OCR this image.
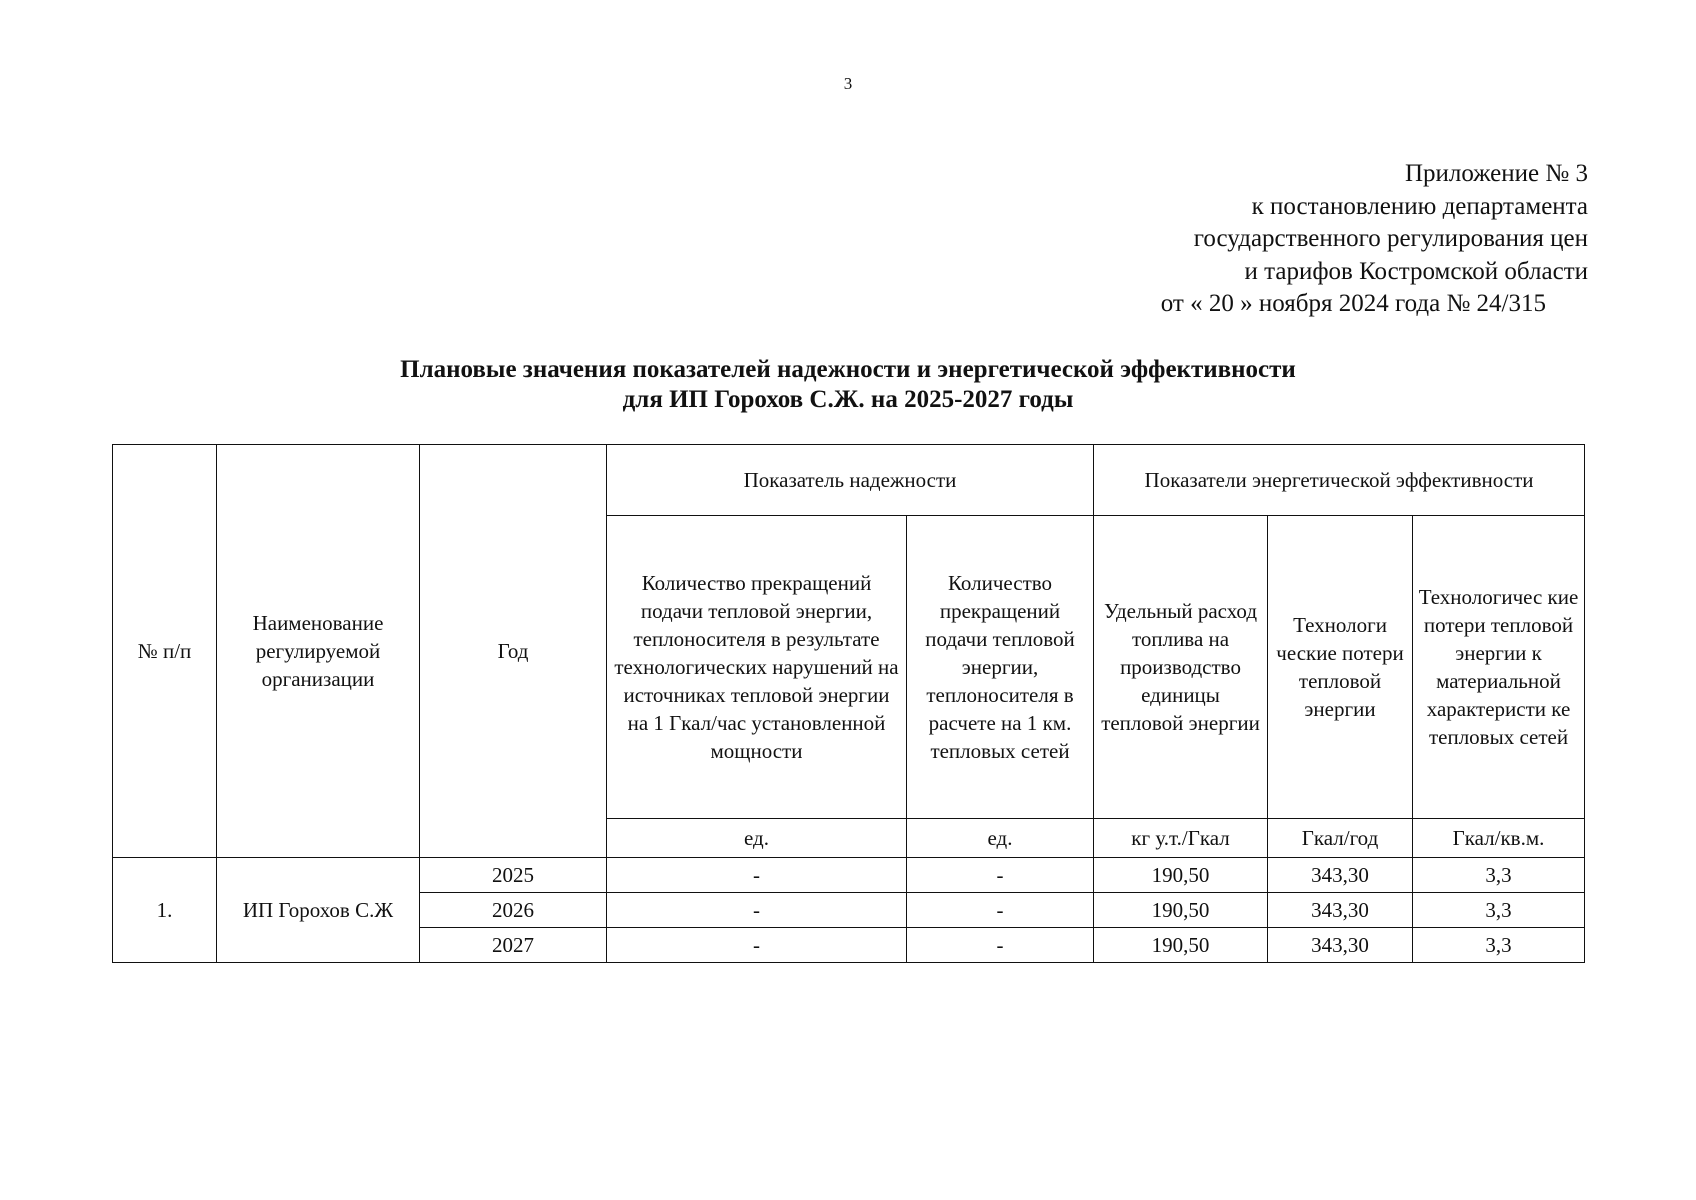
3
Приложение № 3
к постановлению департамента
государственного регулирования цен
и тарифов Костромской области
от « 20 » ноября 2024 года № 24/315
Плановые значения показателей надежности и энергетической эффективности
для ИП Горохов С.Ж. на 2025-2027 годы
№ п/п	Наименование регулируемой организации	Год	Показатель надежности		Показатели энергетической эффективности		
			Количество прекращений подачи тепловой энергии, теплоносителя в результате технологических нарушений на источниках тепловой энергии на 1 Гкал/час установленной мощности	Количество прекращений подачи тепловой энергии, теплоносителя в расчете на 1 км. тепловых сетей	Удельный расход топлива на производство единицы тепловой энергии	Технологи ческие потери тепловой энергии	Технологичес кие потери тепловой энергии к материальной характеристи ке тепловых сетей
			ед.	ед.	кг у.т./Гкал	Гкал/год	Гкал/кв.м.
1.	ИП Горохов С.Ж	2025	-	-	190,50	343,30	3,3
		2026	-	-	190,50	343,30	3,3
		2027	-	-	190,50	343,30	3,3
